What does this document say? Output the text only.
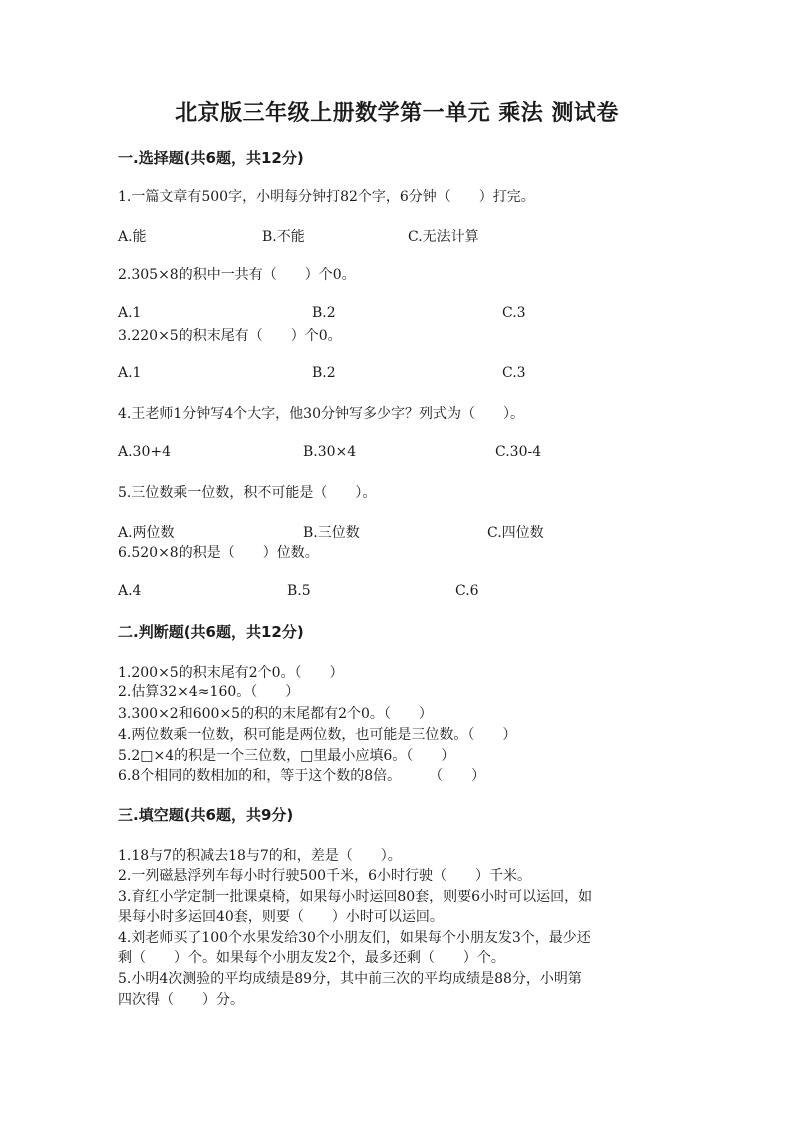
北京版三年级上册数学第一单元 乘法 测试卷
一.选择题(共6题，共12分)
1.一篇文章有500字，小明每分钟打82个字，6分钟（　　）打完。
A.能	B.不能	C.无法计算
2.305×8的积中一共有（　　）个0。
A.1	B.2	C.3
3.220×5的积末尾有（　　）个0。
A.1	B.2	C.3
4.王老师1分钟写4个大字，他30分钟写多少字？列式为（　　）。
A.30+4	B.30×4	C.30-4
5.三位数乘一位数，积不可能是（　　）。
A.两位数	B.三位数	C.四位数
6.520×8的积是（　　）位数。
A.4	B.5	C.6
二.判断题(共6题，共12分)
1.200×5的积末尾有2个0。（　　）
2.估算32×4≈160。（　　）
3.300×2和600×5的积的末尾都有2个0。（　　）
4.两位数乘一位数，积可能是两位数，也可能是三位数。（　　）
5.2□×4的积是一个三位数，□里最小应填6。（　　）
6.8个相同的数相加的和，等于这个数的8倍。　　　（　　）
三.填空题(共6题，共9分)
1.18与7的积减去18与7的和，差是（　　）。
2.一列磁悬浮列车每小时行驶500千米，6小时行驶（　　）千米。
3.育红小学定制一批课桌椅，如果每小时运回80套，则要6小时可以运回，如
果每小时多运回40套，则要（　　）小时可以运回。
4.刘老师买了100个水果发给30个小朋友们，如果每个小朋友发3个，最少还
剩（　　）个。如果每个小朋友发2个，最多还剩（　　）个。
5.小明4次测验的平均成绩是89分，其中前三次的平均成绩是88分，小明第
四次得（　　）分。
